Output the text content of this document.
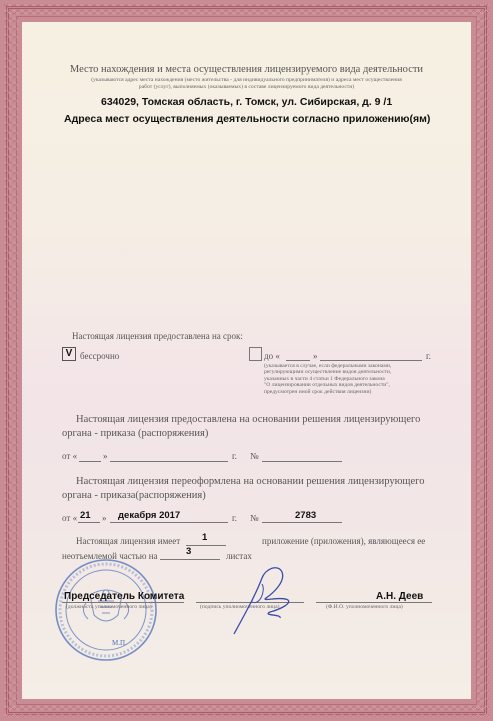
Место нахождения и места осуществления лицензируемого вида деятельности
(указываются адрес места нахождения (место жительства - для индивидуального предпринимателя) и адреса мест осуществления
работ (услуг), выполняемых (оказываемых) в составе лицензируемого вида деятельности)
634029, Томская область, г. Томск, ул. Сибирская, д. 9 /1
Адреса мест осуществления деятельности согласно приложению(ям)
Настоящая лицензия предоставлена на срок:
V бессрочно	до «	»	г.
(указывается в случае, если федеральными законами,
регулирующими осуществление видов деятельности,
указанных в части 4 статьи 1 Федерального закона
"О лицензировании отдельных видов деятельности",
предусмотрен иной срок действия лицензии)
Настоящая лицензия предоставлена на основании решения лицензирующего
органа - приказа (распоряжения)
от «	»	г. №
Настоящая лицензия переоформлена на основании решения лицензирующего
органа - приказа(распоряжения)
от « 21 » декабря 2017	г. №	2783
Настоящая лицензия имеет 1	приложение (приложения), являющееся ее
неотъемлемой частью на	3	листах
М.П.
Председатель Комитета	А.Н. Деев
(должность уполномоченного лица)	(подпись уполномоченного лица)	(Ф.И.О. уполномоченного лица)
